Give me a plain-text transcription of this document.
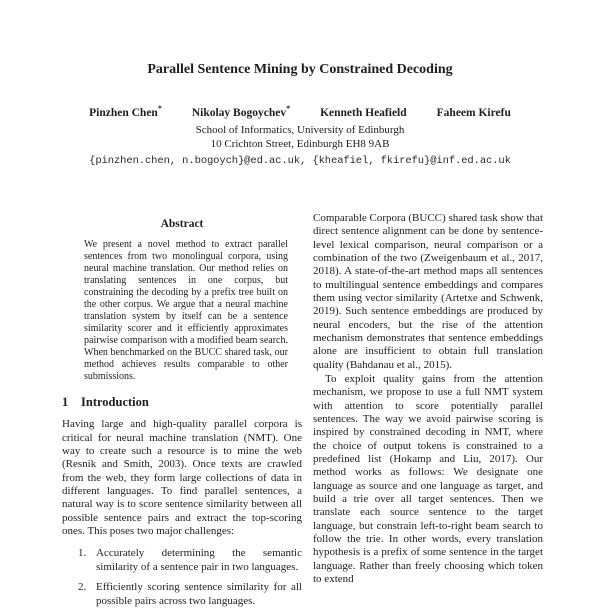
Parallel Sentence Mining by Constrained Decoding
Pinzhen Chen*	Nikolay Bogoychev*	Kenneth Heafield	Faheem Kirefu
School of Informatics, University of Edinburgh
10 Crichton Street, Edinburgh EH8 9AB
{pinzhen.chen, n.bogoych}@ed.ac.uk, {kheafiel, fkirefu}@inf.ed.ac.uk
Abstract

We present a novel method to extract parallel sentences from two monolingual corpora, using neural machine translation. Our method relies on translating sentences in one corpus, but constraining the decoding by a prefix tree built on the other corpus. We argue that a neural machine translation system by itself can be a sentence similarity scorer and it efficiently approximates pairwise comparison with a modified beam search. When benchmarked on the BUCC shared task, our method achieves results comparable to other submissions.

1 Introduction

Having large and high-quality parallel corpora is critical for neural machine translation (NMT). One way to create such a resource is to mine the web (Resnik and Smith, 2003). Once texts are crawled from the web, they form large collections of data in different languages. To find parallel sentences, a natural way is to score sentence similarity between all possible sentence pairs and extract the top-scoring ones. This poses two major challenges:

1. Accurately determining the semantic similarity of a sentence pair in two languages.
2. Efficiently scoring sentence similarity for all possible pairs across two languages.

Comparable Corpora (BUCC) shared task show that direct sentence alignment can be done by sentence-level lexical comparison, neural comparison or a combination of the two (Zweigenbaum et al., 2017, 2018). A state-of-the-art method maps all sentences to multilingual sentence embeddings and compares them using vector similarity (Artetxe and Schwenk, 2019). Such sentence embeddings are produced by neural encoders, but the rise of the attention mechanism demonstrates that sentence embeddings alone are insufficient to obtain full translation quality (Bahdanau et al., 2015).

To exploit quality gains from the attention mechanism, we propose to use a full NMT system with attention to score potentially parallel sentences. The way we avoid pairwise scoring is inspired by constrained decoding in NMT, where the choice of output tokens is constrained to a predefined list (Hokamp and Liu, 2017). Our method works as follows: We designate one language as source and one language as target, and build a trie over all target sentences. Then we translate each source sentence to the target language, but constrain left-to-right beam search to follow the trie. In other words, every translation hypothesis is a prefix of some sentence in the target language. Rather than freely choosing which token to extend
